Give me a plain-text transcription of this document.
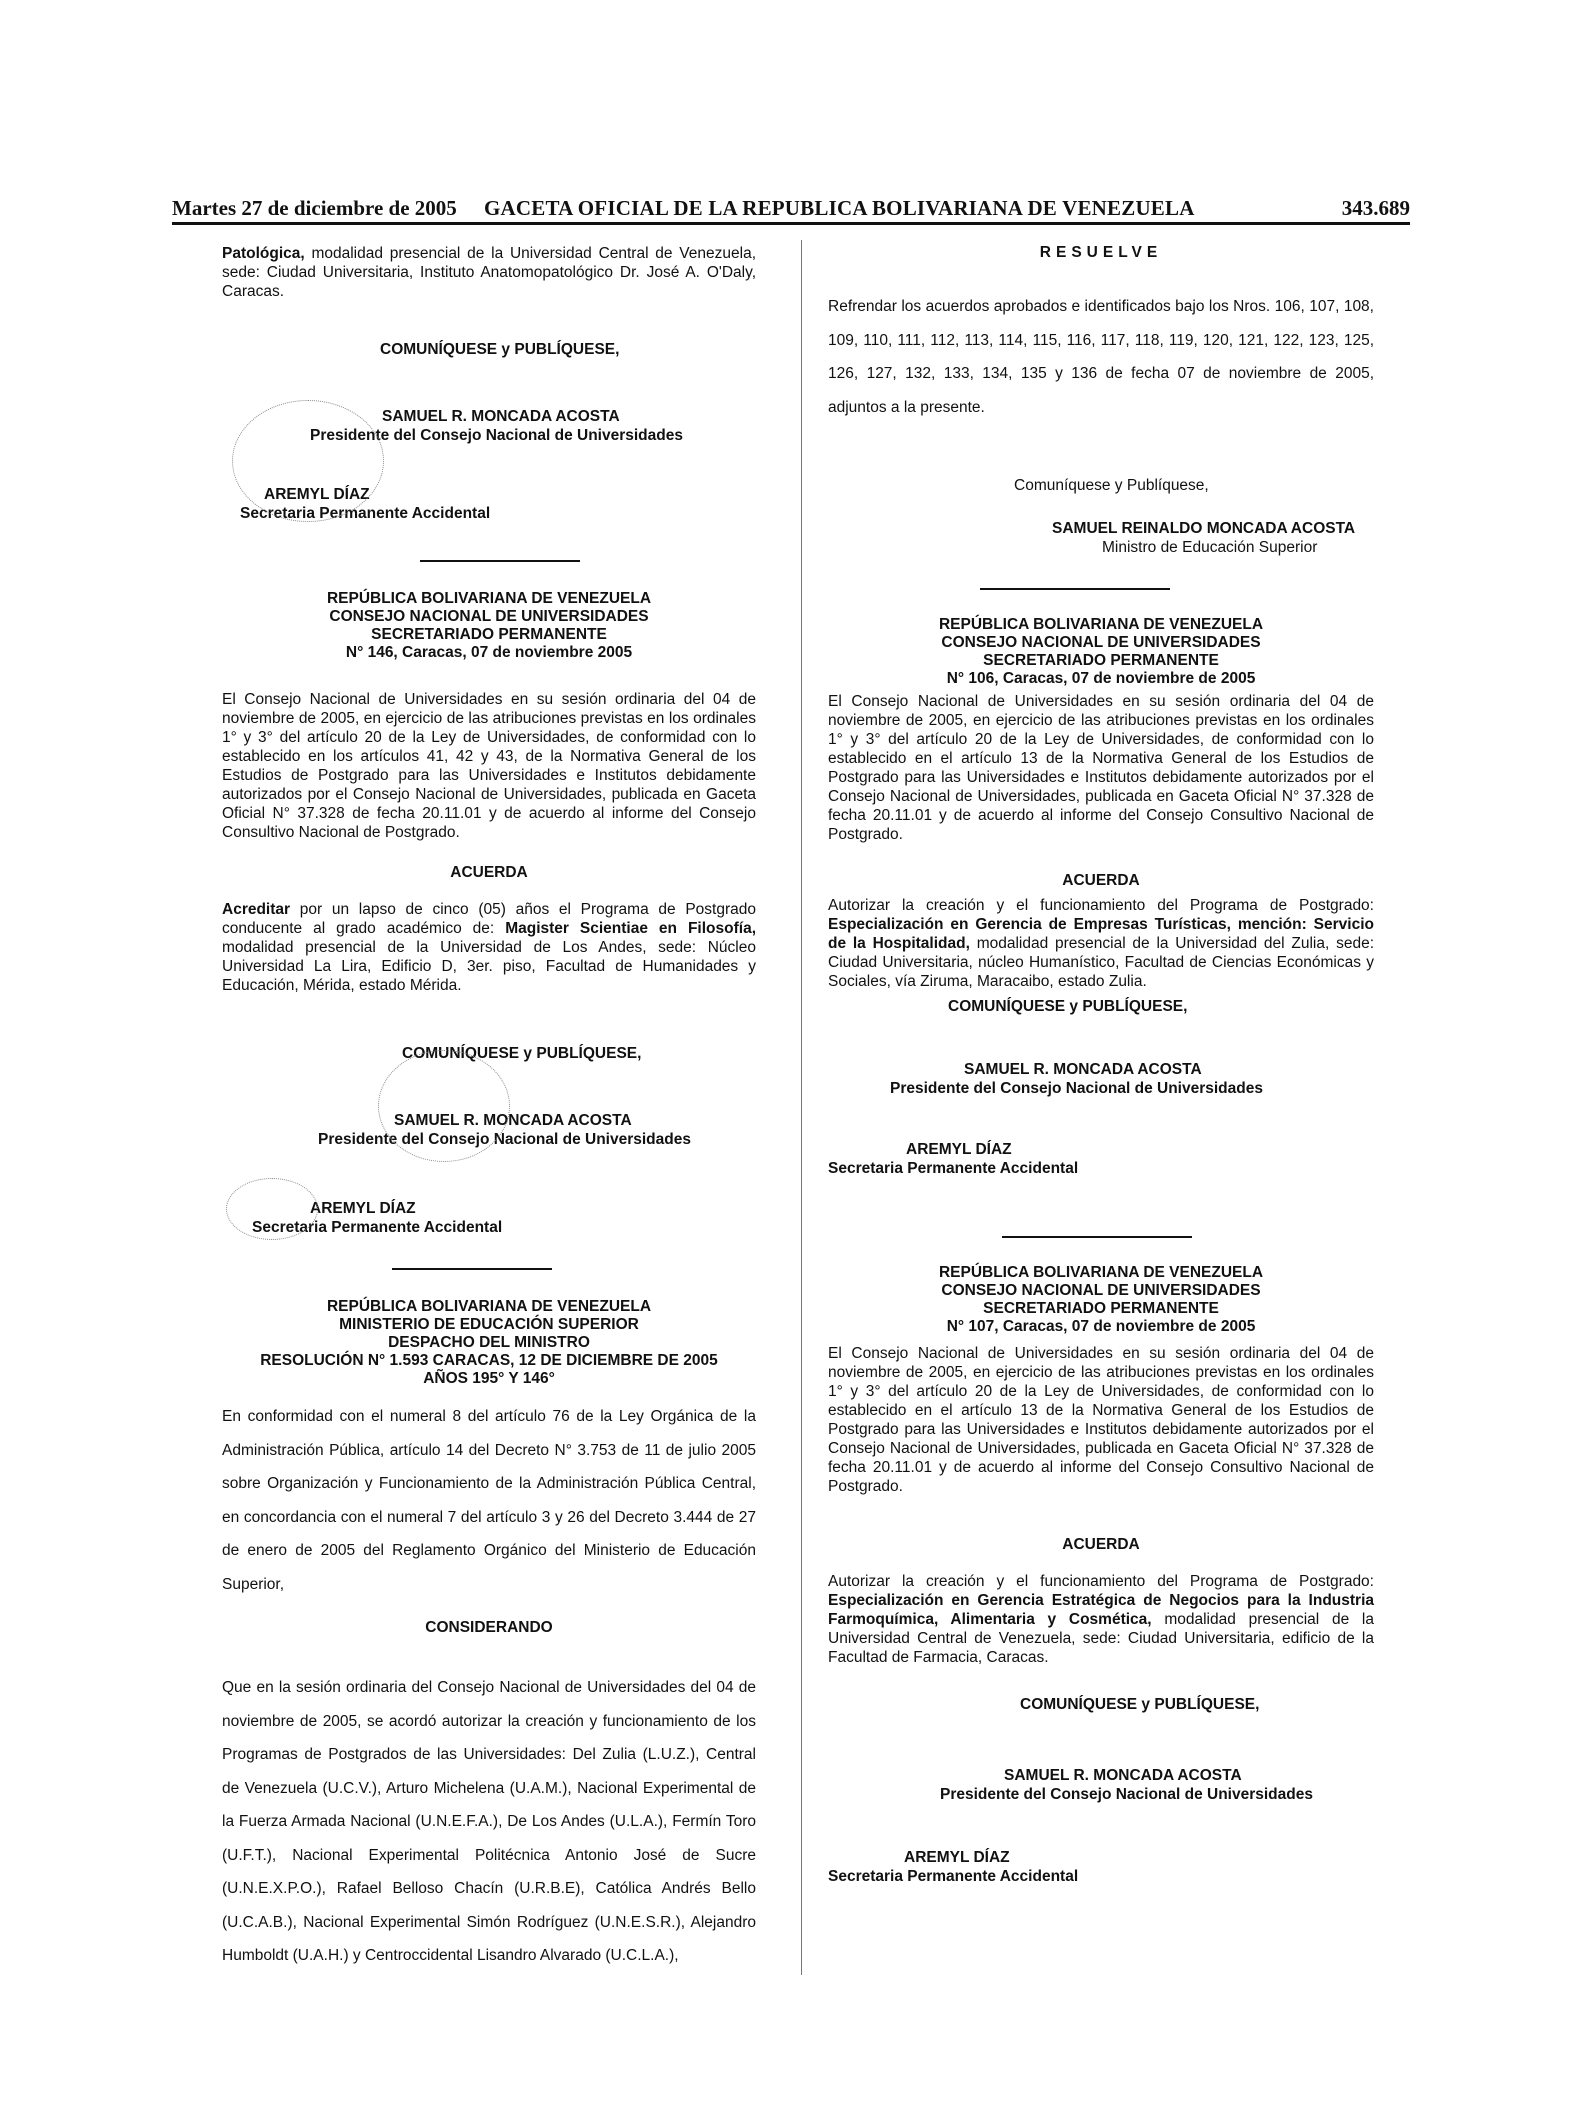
Martes 27 de diciembre de 2005 GACETA OFICIAL DE LA REPUBLICA BOLIVARIANA DE VENEZUELA	343.689

Patológica, modalidad presencial de la Universidad Central de Venezuela, sede: Ciudad Universitaria, Instituto Anatomopatológico Dr. José A. O'Daly, Caracas.

COMUNÍQUESE y PUBLÍQUESE,
SAMUEL R. MONCADA ACOSTA
Presidente del Consejo Nacional de Universidades
AREMYL DÍAZ
Secretaria Permanente Accidental
REPÚBLICA BOLIVARIANA DE VENEZUELA
CONSEJO NACIONAL DE UNIVERSIDADES
SECRETARIADO PERMANENTE
N° 146, Caracas, 07 de noviembre 2005

El Consejo Nacional de Universidades en su sesión ordinaria del 04 de noviembre de 2005, en ejercicio de las atribuciones previstas en los ordinales 1° y 3° del artículo 20 de la Ley de Universidades, de conformidad con lo establecido en los artículos 41, 42 y 43, de la Normativa General de los Estudios de Postgrado para las Universidades e Institutos debidamente autorizados por el Consejo Nacional de Universidades, publicada en Gaceta Oficial N° 37.328 de fecha 20.11.01 y de acuerdo al informe del Consejo Consultivo Nacional de Postgrado.

ACUERDA

Acreditar por un lapso de cinco (05) años el Programa de Postgrado conducente al grado académico de: Magister Scientiae en Filosofía, modalidad presencial de la Universidad de Los Andes, sede: Núcleo Universidad La Lira, Edificio D, 3er. piso, Facultad de Humanidades y Educación, Mérida, estado Mérida.

COMUNÍQUESE y PUBLÍQUESE,
SAMUEL R. MONCADA ACOSTA
Presidente del Consejo Nacional de Universidades
AREMYL DÍAZ
Secretaria Permanente Accidental
REPÚBLICA BOLIVARIANA DE VENEZUELA
MINISTERIO DE EDUCACIÓN SUPERIOR
DESPACHO DEL MINISTRO
RESOLUCIÓN N° 1.593 CARACAS, 12 DE DICIEMBRE DE 2005
AÑOS 195° Y 146°

En conformidad con el numeral 8 del artículo 76 de la Ley Orgánica de la Administración Pública, artículo 14 del Decreto N° 3.753 de 11 de julio 2005 sobre Organización y Funcionamiento de la Administración Pública Central, en concordancia con el numeral 7 del artículo 3 y 26 del Decreto 3.444 de 27 de enero de 2005 del Reglamento Orgánico del Ministerio de Educación Superior,

CONSIDERANDO

Que en la sesión ordinaria del Consejo Nacional de Universidades del 04 de noviembre de 2005, se acordó autorizar la creación y funcionamiento de los Programas de Postgrados de las Universidades: Del Zulia (L.U.Z.), Central de Venezuela (U.C.V.), Arturo Michelena (U.A.M.), Nacional Experimental de la Fuerza Armada Nacional (U.N.E.F.A.), De Los Andes (U.L.A.), Fermín Toro (U.F.T.), Nacional Experimental Politécnica Antonio José de Sucre (U.N.E.X.P.O.), Rafael Belloso Chacín (U.R.B.E), Católica Andrés Bello (U.C.A.B.), Nacional Experimental Simón Rodríguez (U.N.E.S.R.), Alejandro Humboldt (U.A.H.) y Centroccidental Lisandro Alvarado (U.C.L.A.),

RESUELVE

Refrendar los acuerdos aprobados e identificados bajo los Nros. 106, 107, 108, 109, 110, 111, 112, 113, 114, 115, 116, 117, 118, 119, 120, 121, 122, 123, 125, 126, 127, 132, 133, 134, 135 y 136 de fecha 07 de noviembre de 2005, adjuntos a la presente.

Comuníquese y Publíquese,
SAMUEL REINALDO MONCADA ACOSTA
Ministro de Educación Superior
REPÚBLICA BOLIVARIANA DE VENEZUELA
CONSEJO NACIONAL DE UNIVERSIDADES
SECRETARIADO PERMANENTE
N° 106, Caracas, 07 de noviembre de 2005

El Consejo Nacional de Universidades en su sesión ordinaria del 04 de noviembre de 2005, en ejercicio de las atribuciones previstas en los ordinales 1° y 3° del artículo 20 de la Ley de Universidades, de conformidad con lo establecido en el artículo 13 de la Normativa General de los Estudios de Postgrado para las Universidades e Institutos debidamente autorizados por el Consejo Nacional de Universidades, publicada en Gaceta Oficial N° 37.328 de fecha 20.11.01 y de acuerdo al informe del Consejo Consultivo Nacional de Postgrado.

ACUERDA

Autorizar la creación y el funcionamiento del Programa de Postgrado: Especialización en Gerencia de Empresas Turísticas, mención: Servicio de la Hospitalidad, modalidad presencial de la Universidad del Zulia, sede: Ciudad Universitaria, núcleo Humanístico, Facultad de Ciencias Económicas y Sociales, vía Ziruma, Maracaibo, estado Zulia.

COMUNÍQUESE y PUBLÍQUESE,
SAMUEL R. MONCADA ACOSTA
Presidente del Consejo Nacional de Universidades
AREMYL DÍAZ
Secretaria Permanente Accidental
REPÚBLICA BOLIVARIANA DE VENEZUELA
CONSEJO NACIONAL DE UNIVERSIDADES
SECRETARIADO PERMANENTE
N° 107, Caracas, 07 de noviembre de 2005

El Consejo Nacional de Universidades en su sesión ordinaria del 04 de noviembre de 2005, en ejercicio de las atribuciones previstas en los ordinales 1° y 3° del artículo 20 de la Ley de Universidades, de conformidad con lo establecido en el artículo 13 de la Normativa General de los Estudios de Postgrado para las Universidades e Institutos debidamente autorizados por el Consejo Nacional de Universidades, publicada en Gaceta Oficial N° 37.328 de fecha 20.11.01 y de acuerdo al informe del Consejo Consultivo Nacional de Postgrado.

ACUERDA

Autorizar la creación y el funcionamiento del Programa de Postgrado: Especialización en Gerencia Estratégica de Negocios para la Industria Farmoquímica, Alimentaria y Cosmética, modalidad presencial de la Universidad Central de Venezuela, sede: Ciudad Universitaria, edificio de la Facultad de Farmacia, Caracas.

COMUNÍQUESE y PUBLÍQUESE,
SAMUEL R. MONCADA ACOSTA
Presidente del Consejo Nacional de Universidades
AREMYL DÍAZ
Secretaria Permanente Accidental
